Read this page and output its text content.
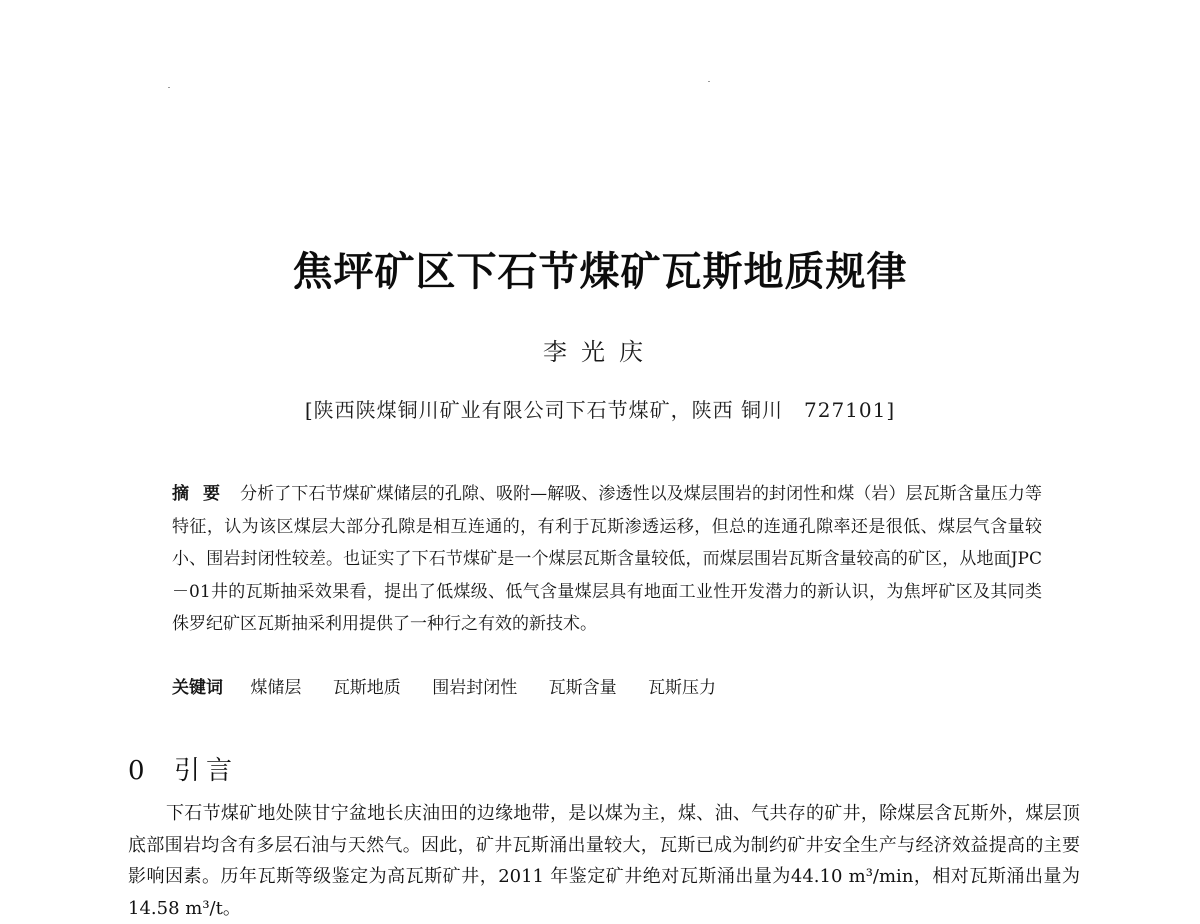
焦坪矿区下石节煤矿瓦斯地质规律
李光庆
[陕西陕煤铜川矿业有限公司下石节煤矿，陕西 铜川　727101]
摘要 分析了下石节煤矿煤储层的孔隙、吸附—解吸、渗透性以及煤层围岩的封闭性和煤（岩）层瓦斯含量压力等特征，认为该区煤层大部分孔隙是相互连通的，有利于瓦斯渗透运移，但总的连通孔隙率还是很低、煤层气含量较小、围岩封闭性较差。也证实了下石节煤矿是一个煤层瓦斯含量较低，而煤层围岩瓦斯含量较高的矿区，从地面JPC－01井的瓦斯抽采效果看，提出了低煤级、低气含量煤层具有地面工业性开发潜力的新认识，为焦坪矿区及其同类侏罗纪矿区瓦斯抽采利用提供了一种行之有效的新技术。
关键词 煤储层 瓦斯地质 围岩封闭性 瓦斯含量 瓦斯压力
0 引言
下石节煤矿地处陕甘宁盆地长庆油田的边缘地带，是以煤为主，煤、油、气共存的矿井，除煤层含瓦斯外，煤层顶底部围岩均含有多层石油与天然气。因此，矿井瓦斯涌出量较大，瓦斯已成为制约矿井安全生产与经济效益提高的主要影响因素。历年瓦斯等级鉴定为高瓦斯矿井，2011 年鉴定矿井绝对瓦斯涌出量为44.10 m³/min，相对瓦斯涌出量为14.58 m³/t。
